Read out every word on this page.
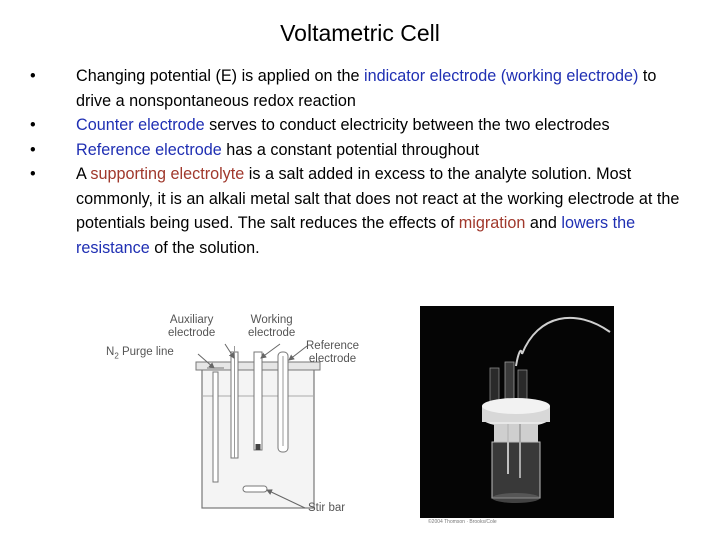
Voltametric Cell
• Changing potential (E) is applied on the indicator electrode (working electrode) to drive a nonspontaneous redox reaction
• Counter electrode serves to conduct electricity between the two electrodes
• Reference electrode has a constant potential throughout
• A supporting electrolyte is a salt added in excess to the analyte solution. Most commonly, it is an alkali metal salt that does not react at the working electrode at the potentials being used. The salt reduces the effects of migration and lowers the resistance of the solution.
Auxiliary
electrode
Working
electrode
Reference
electrode
$N_2$ Purge line
Stir bar
©2004 Thomson · Brooks/Cole
